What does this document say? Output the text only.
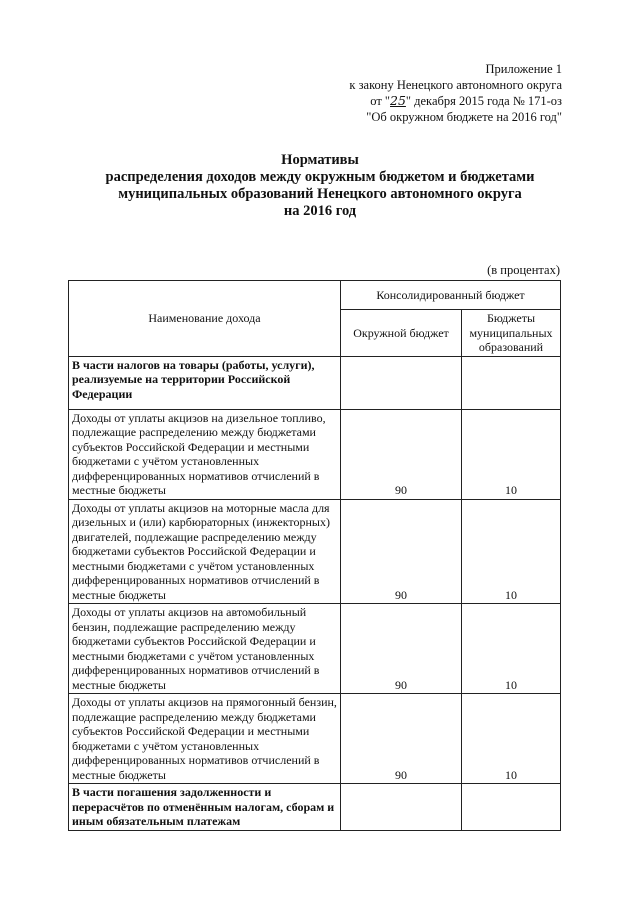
Приложение 1
к закону Ненецкого автономного округа
от "25" декабря 2015 года № 171-оз
"Об окружном бюджете на 2016 год"
Нормативы
распределения доходов между окружным бюджетом и бюджетами
муниципальных образований Ненецкого автономного округа
на 2016 год
(в процентах)
Наименование дохода	Консолидированный бюджет	
	Окружной бюджет	Бюджеты муниципальных образований
В части налогов на товары (работы, услуги), реализуемые на территории Российской Федерации		
Доходы от уплаты акцизов на дизельное топливо, подлежащие распределению между бюджетами субъектов Российской Федерации и местными бюджетами с учётом установленных дифференцированных нормативов отчислений в местные бюджеты	90	10
Доходы от уплаты акцизов на моторные масла для дизельных и (или) карбюраторных (инжекторных) двигателей, подлежащие распределению между бюджетами субъектов Российской Федерации и местными бюджетами с учётом установленных дифференцированных нормативов отчислений в местные бюджеты	90	10
Доходы от уплаты акцизов на автомобильный бензин, подлежащие распределению между бюджетами субъектов Российской Федерации и местными бюджетами с учётом установленных дифференцированных нормативов отчислений в местные бюджеты	90	10
Доходы от уплаты акцизов на прямогонный бензин, подлежащие распределению между бюджетами субъектов Российской Федерации и местными бюджетами с учётом установленных дифференцированных нормативов отчислений в местные бюджеты	90	10
В части погашения задолженности и перерасчётов по отменённым налогам, сборам и иным обязательным платежам		
